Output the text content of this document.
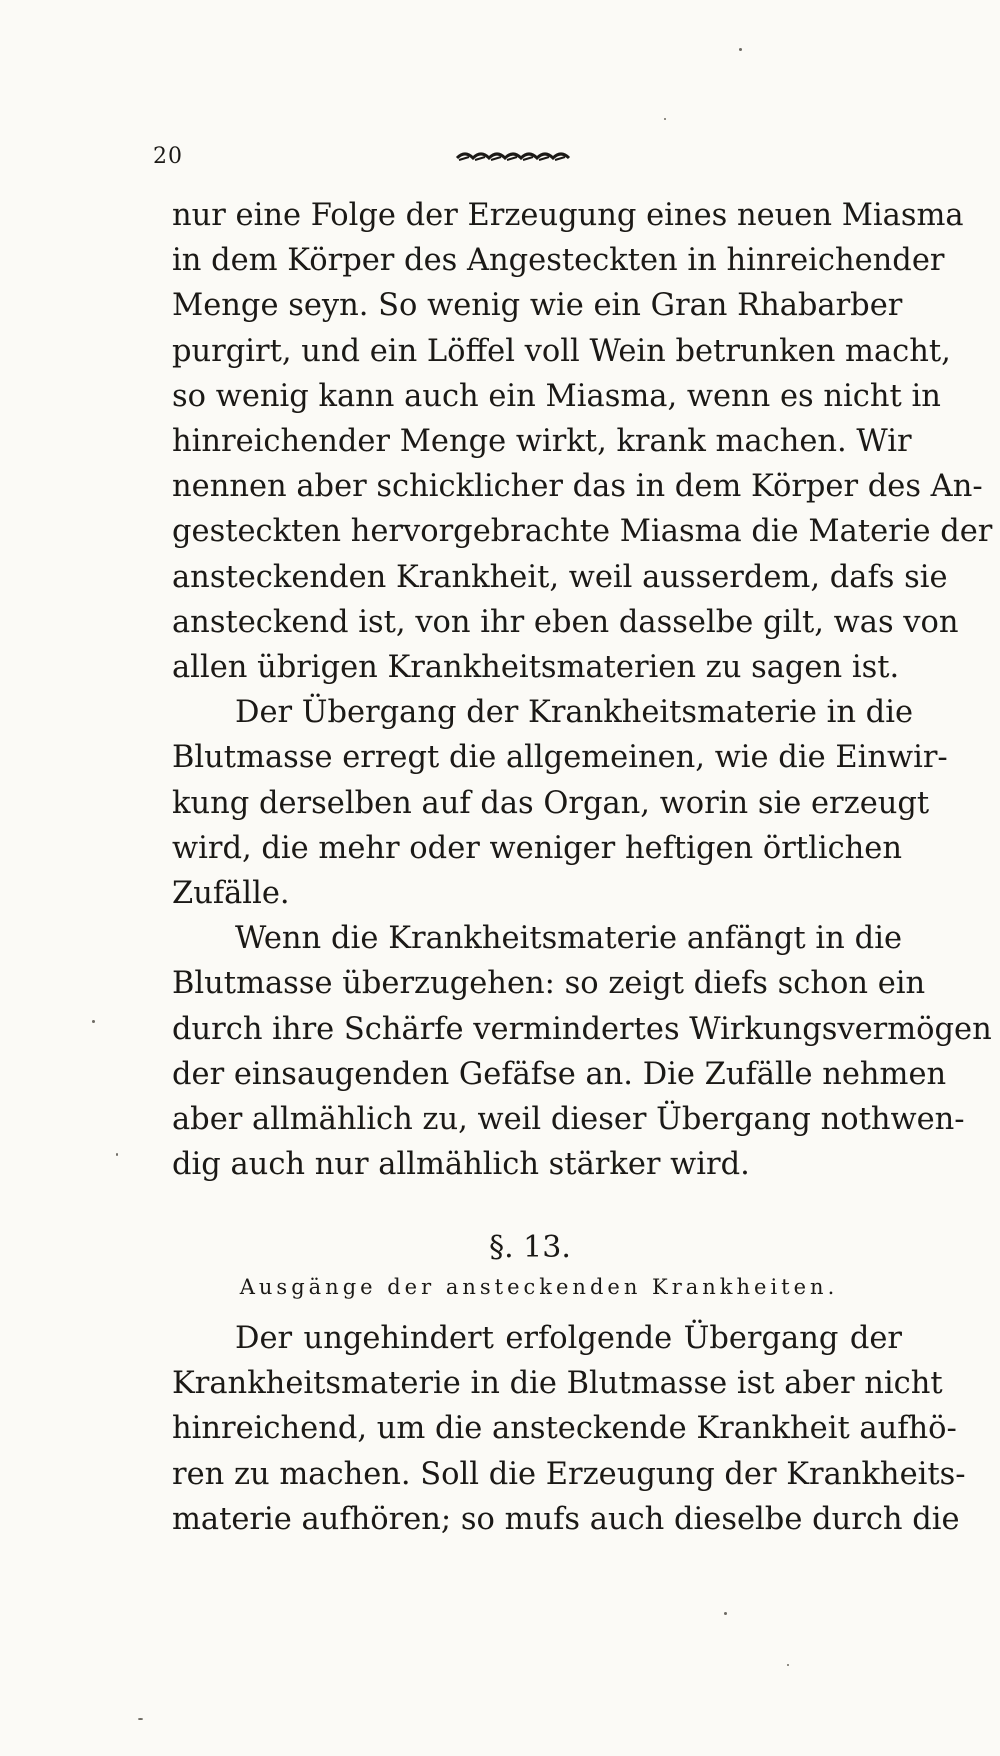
20
nur eine Folge der Erzeugung eines neuen Miasma
in dem Körper des Angesteckten in hinreichender
Menge seyn. So wenig wie ein Gran Rhabarber
purgirt, und ein Löffel voll Wein betrunken macht,
so wenig kann auch ein Miasma, wenn es nicht in
hinreichender Menge wirkt, krank machen. Wir
nennen aber schicklicher das in dem Körper des An-
gesteckten hervorgebrachte Miasma die Materie der
ansteckenden Krankheit, weil ausserdem, dafs sie
ansteckend ist, von ihr eben dasselbe gilt, was von
allen übrigen Krankheitsmaterien zu sagen ist.
Der Übergang der Krankheitsmaterie in die
Blutmasse erregt die allgemeinen, wie die Einwir-
kung derselben auf das Organ, worin sie erzeugt
wird, die mehr oder weniger heftigen örtlichen
Zufälle.
Wenn die Krankheitsmaterie anfängt in die
Blutmasse überzugehen: so zeigt diefs schon ein
durch ihre Schärfe vermindertes Wirkungsvermögen
der einsaugenden Gefäfse an. Die Zufälle nehmen
aber allmählich zu, weil dieser Übergang nothwen-
dig auch nur allmählich stärker wird.
§. 13.
Ausgänge der ansteckenden Krankheiten.
Der ungehindert erfolgende Übergang der
Krankheitsmaterie in die Blutmasse ist aber nicht
hinreichend, um die ansteckende Krankheit aufhö-
ren zu machen. Soll die Erzeugung der Krankheits-
materie aufhören; so mufs auch dieselbe durch die
